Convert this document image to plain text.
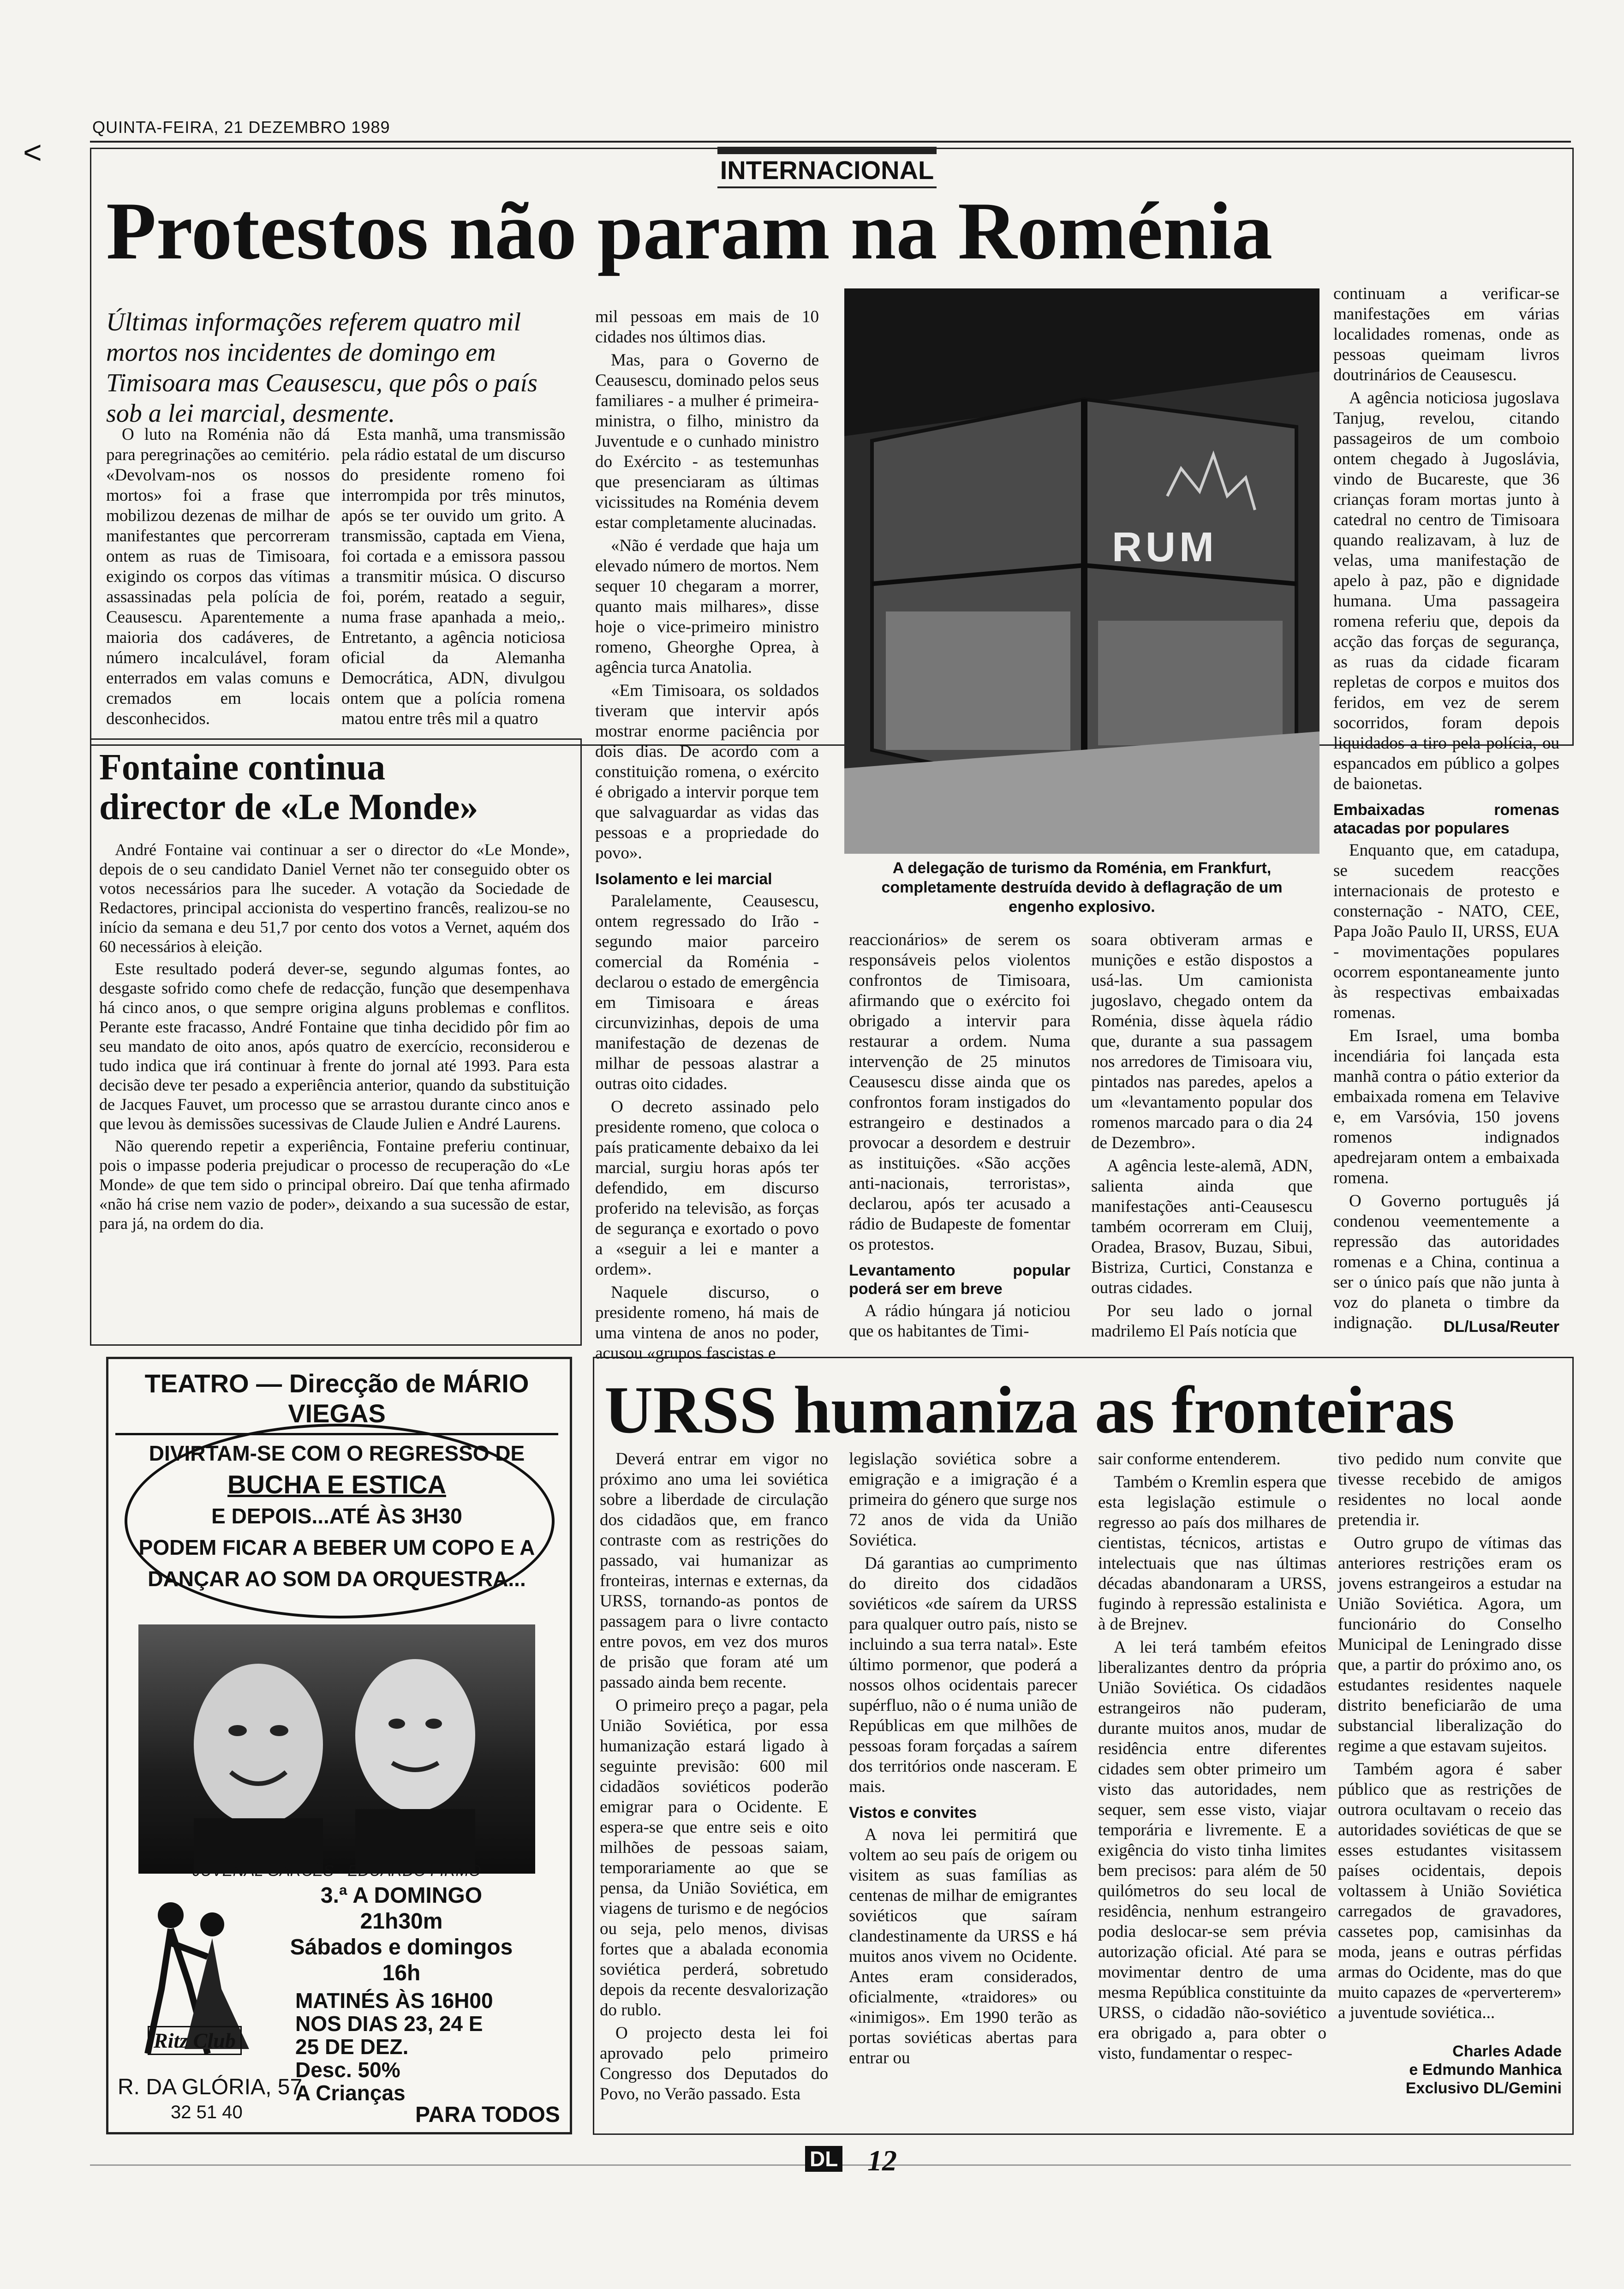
<
QUINTA-FEIRA, 21 DEZEMBRO 1989
INTERNACIONAL
Protestos não param na Roménia
Últimas informações referem quatro mil mortos nos incidentes de domingo em Timisoara mas Ceausescu, que pôs o país sob a lei marcial, desmente.

O luto na Roménia não dá para peregrinações ao cemitério. «Devolvam-nos os nossos mortos» foi a frase que mobilizou dezenas de milhar de manifestantes que percorreram ontem as ruas de Timisoara, exigindo os corpos das vítimas assassinadas pela polícia de Ceausescu. Aparentemente a maioria dos cadáveres, de número incalculável, foram enterrados em valas comuns e cremados em locais desconhecidos.

Esta manhã, uma transmissão pela rádio estatal de um discurso do presidente romeno foi interrompida por três minutos, após se ter ouvido um grito. A transmissão, captada em Viena, foi cortada e a emissora passou a transmitir música. O discurso foi, porém, reatado a seguir, numa frase apanhada a meio,. Entretanto, a agência noticiosa oficial da Alemanha Democrática, ADN, divulgou ontem que a polícia romena matou entre três mil a quatro

mil pessoas em mais de 10 cidades nos últimos dias.

Mas, para o Governo de Ceausescu, dominado pelos seus familiares - a mulher é primeira-ministra, o filho, ministro da Juventude e o cunhado ministro do Exército - as testemunhas que presenciaram as últimas vicissitudes na Roménia devem estar completamente alucinadas.

«Não é verdade que haja um elevado número de mortos. Nem sequer 10 chegaram a morrer, quanto mais milhares», disse hoje o vice-primeiro ministro romeno, Gheorghe Oprea, à agência turca Anatolia.

«Em Timisoara, os soldados tiveram que intervir após mostrar enorme paciência por dois dias. De acordo com a constituição romena, o exército é obrigado a intervir porque tem que salvaguardar as vidas das pessoas e a propriedade do povo».

Isolamento e lei marcial

Paralelamente, Ceausescu, ontem regressado do Irão - segundo maior parceiro comercial da Roménia - declarou o estado de emergência em Timisoara e áreas circunvizinhas, depois de uma manifestação de dezenas de milhar de pessoas alastrar a outras oito cidades.

O decreto assinado pelo presidente romeno, que coloca o país praticamente debaixo da lei marcial, surgiu horas após ter defendido, em discurso proferido na televisão, as forças de segurança e exortado o povo a «seguir a lei e manter a ordem».

Naquele discurso, o presidente romeno, há mais de uma vintena de anos no poder, acusou «grupos fascistas e

RUM
A delegação de turismo da Roménia, em Frankfurt, completamente destruída devido à deflagração de um engenho explosivo.

reaccionários» de serem os responsáveis pelos violentos confrontos de Timisoara, afirmando que o exército foi obrigado a intervir para restaurar a ordem. Numa intervenção de 25 minutos Ceausescu disse ainda que os confrontos foram instigados do estrangeiro e destinados a provocar a desordem e destruir as instituições. «São acções anti-nacionais, terroristas», declarou, após ter acusado a rádio de Budapeste de fomentar os protestos.

Levantamento popular poderá ser em breve

A rádio húngara já noticiou que os habitantes de Timi-

soara obtiveram armas e munições e estão dispostos a usá-las. Um camionista jugoslavo, chegado ontem da Roménia, disse àquela rádio que, durante a sua passagem nos arredores de Timisoara viu, pintados nas paredes, apelos a um «levantamento popular dos romenos marcado para o dia 24 de Dezembro».

A agência leste-alemã, ADN, salienta ainda que manifestações anti-Ceausescu também ocorreram em Cluij, Oradea, Brasov, Buzau, Sibui, Bistriza, Curtici, Constanza e outras cidades.

Por seu lado o jornal madrilemo El País notícia que

continuam a verificar-se manifestações em várias localidades romenas, onde as pessoas queimam livros doutrinários de Ceausescu.

A agência noticiosa jugoslava Tanjug, revelou, citando passageiros de um comboio ontem chegado à Jugoslávia, vindo de Bucareste, que 36 crianças foram mortas junto à catedral no centro de Timisoara quando realizavam, à luz de velas, uma manifestação de apelo à paz, pão e dignidade humana. Uma passageira romena referiu que, depois da acção das forças de segurança, as ruas da cidade ficaram repletas de corpos e muitos dos feridos, em vez de serem socorridos, foram depois liquidados a tiro pela polícia, ou espancados em público a golpes de baionetas.

Embaixadas romenas atacadas por populares

Enquanto que, em catadupa, se sucedem reacções internacionais de protesto e consternação - NATO, CEE, Papa João Paulo II, URSS, EUA - movimentações populares ocorrem espontaneamente junto às respectivas embaixadas romenas.

Em Israel, uma bomba incendiária foi lançada esta manhã contra o pátio exterior da embaixada romena em Telavive e, em Varsóvia, 150 jovens romenos indignados apedrejaram ontem a embaixada romena.

O Governo português já condenou veementemente a repressão das autoridades romenas e a China, continua a ser o único país que não junta à voz do planeta o timbre da indignação.	DL/Lusa/Reuter
Fontaine continua
director de «Le Monde»

André Fontaine vai continuar a ser o director do «Le Monde», depois de o seu candidato Daniel Vernet não ter conseguido obter os votos necessários para lhe suceder. A votação da Sociedade de Redactores, principal accionista do vespertino francês, realizou-se no início da semana e deu 51,7 por cento dos votos a Vernet, aquém dos 60 necessários à eleição.

Este resultado poderá dever-se, segundo algumas fontes, ao desgaste sofrido como chefe de redacção, função que desempenhava há cinco anos, o que sempre origina alguns problemas e conflitos. Perante este fracasso, André Fontaine que tinha decidido pôr fim ao seu mandato de oito anos, após quatro de exercício, reconsiderou e tudo indica que irá continuar à frente do jornal até 1993. Para esta decisão deve ter pesado a experiência anterior, quando da substituição de Jacques Fauvet, um processo que se arrastou durante cinco anos e que levou às demissões sucessivas de Claude Julien e André Laurens.

Não querendo repetir a experiência, Fontaine preferiu continuar, pois o impasse poderia prejudicar o processo de recuperação do «Le Monde» de que tem sido o principal obreiro. Daí que tenha afirmado «não há crise nem vazio de poder», deixando a sua sucessão de estar, para já, na ordem do dia.

TEATRO — Direcção de MÁRIO VIEGAS
DIVIRTAM-SE COM O REGRESSO DE
BUCHA E ESTICA
E DEPOIS...ATÉ ÀS 3H30
PODEM FICAR A BEBER UM COPO E A
DANÇAR AO SOM DA ORQUESTRA...
JUVENAL GARCÊS - EDUARDO FIRMO
3.ª A DOMINGO
21h30m
Sábados e domingos
16h
Ritz Club
MATINÉS ÀS 16H00
NOS DIAS 23, 24 E
25 DE DEZ.
Desc. 50%
A Crianças
R. DA GLÓRIA, 57
32 51 40	PARA TODOS
URSS humaniza as fronteiras

Deverá entrar em vigor no próximo ano uma lei soviética sobre a liberdade de circulação dos cidadãos que, em franco contraste com as restrições do passado, vai humanizar as fronteiras, internas e externas, da URSS, tornando-as pontos de passagem para o livre contacto entre povos, em vez dos muros de prisão que foram até um passado ainda bem recente.

O primeiro preço a pagar, pela União Soviética, por essa humanização estará ligado à seguinte previsão: 600 mil cidadãos soviéticos poderão emigrar para o Ocidente. E espera-se que entre seis e oito milhões de pessoas saiam, temporariamente ao que se pensa, da União Soviética, em viagens de turismo e de negócios ou seja, pelo menos, divisas fortes que a abalada economia soviética perderá, sobretudo depois da recente desvalorização do rublo.

O projecto desta lei foi aprovado pelo primeiro Congresso dos Deputados do Povo, no Verão passado. Esta

legislação soviética sobre a emigração e a imigração é a primeira do género que surge nos 72 anos de vida da União Soviética.

Dá garantias ao cumprimento do direito dos cidadãos soviéticos «de saírem da URSS para qualquer outro país, nisto se incluindo a sua terra natal». Este último pormenor, que poderá a nossos olhos ocidentais parecer supérfluo, não o é numa união de Repúblicas em que milhões de pessoas foram forçadas a saírem dos territórios onde nasceram. E mais.

Vistos e convites

A nova lei permitirá que voltem ao seu país de origem ou visitem as suas famílias as centenas de milhar de emigrantes soviéticos que saíram clandestinamente da URSS e há muitos anos vivem no Ocidente. Antes eram considerados, oficialmente, «traidores» ou «inimigos». Em 1990 terão as portas soviéticas abertas para entrar ou

sair conforme entenderem.

Também o Kremlin espera que esta legislação estimule o regresso ao país dos milhares de cientistas, técnicos, artistas e intelectuais que nas últimas décadas abandonaram a URSS, fugindo à repressão estalinista e à de Brejnev.

A lei terá também efeitos liberalizantes dentro da própria União Soviética. Os cidadãos estrangeiros não puderam, durante muitos anos, mudar de residência entre diferentes cidades sem obter primeiro um visto das autoridades, nem sequer, sem esse visto, viajar temporária e livremente. E a exigência do visto tinha limites bem precisos: para além de 50 quilómetros do seu local de residência, nenhum estrangeiro podia deslocar-se sem prévia autorização oficial. Até para se movimentar dentro de uma mesma República constituinte da URSS, o cidadão não-soviético era obrigado a, para obter o visto, fundamentar o respec-

tivo pedido num convite que tivesse recebido de amigos residentes no local aonde pretendia ir.

Outro grupo de vítimas das anteriores restrições eram os jovens estrangeiros a estudar na União Soviética. Agora, um funcionário do Conselho Municipal de Leningrado disse que, a partir do próximo ano, os estudantes residentes naquele distrito beneficiarão de uma substancial liberalização do regime a que estavam sujeitos.

Também agora é saber público que as restrições de outrora ocultavam o receio das autoridades soviéticas de que se esses estudantes visitassem países ocidentais, depois voltassem à União Soviética carregados de gravadores, cassetes pop, camisinhas da moda, jeans e outras pérfidas armas do Ocidente, mas do que muito capazes de «perverterem» a juventude soviética...

Charles Adade
e Edmundo Manhica
Exclusivo DL/Gemini
DL 12
